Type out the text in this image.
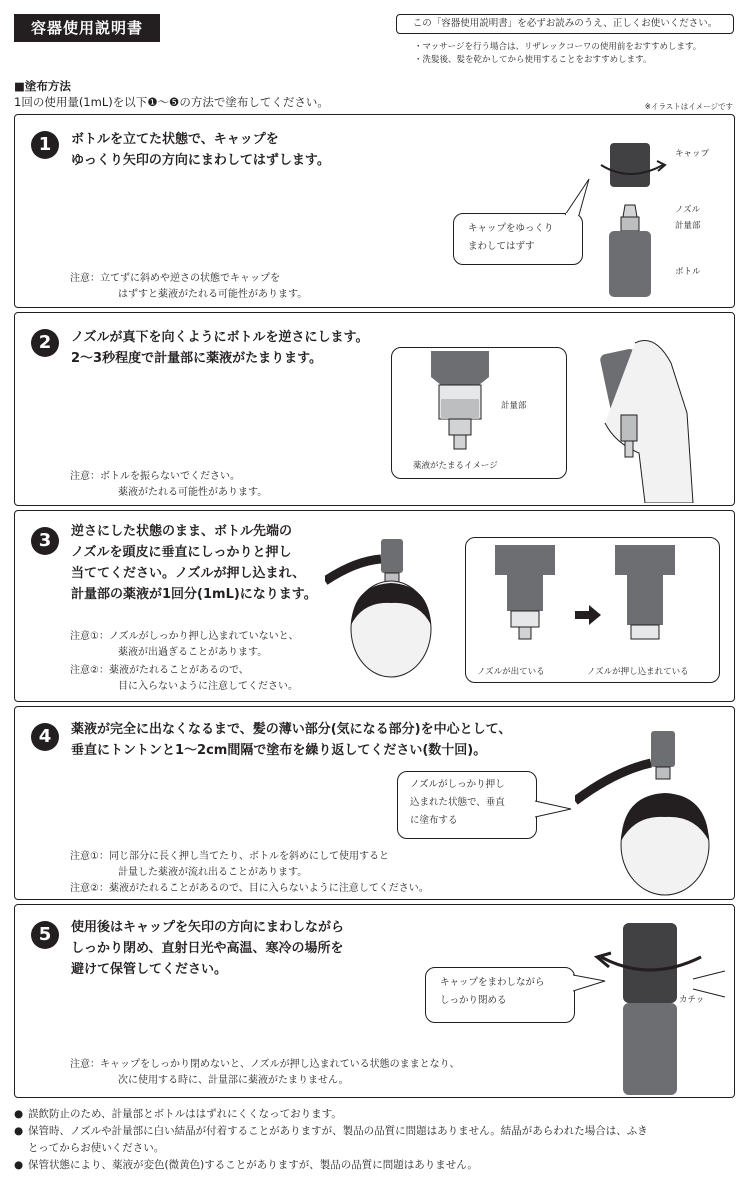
容器使用説明書	この「容器使用説明書」を必ずお読みのうえ、正しくお使いください。
・マッサージを行う場合は、リザレックコーワの使用前をおすすめします。
・洗髪後、髪を乾かしてから使用することをおすすめします。
■塗布方法
1回の使用量(1mL)を以下❶〜❺の方法で塗布してください。	※イラストはイメージです
1	ボトルを立てた状態で、キャップを
ゆっくり矢印の方向にまわしてはずします。
注意：立てずに斜めや逆さの状態でキャップを
はずすと薬液がたれる可能性があります。
キャップをゆっくり
まわしてはずす
キャップ
ノズル
計量部
ボトル
2	ノズルが真下を向くようにボトルを逆さにします。
2〜3秒程度で計量部に薬液がたまります。
注意：ボトルを振らないでください。
薬液がたれる可能性があります。
計量部
薬液がたまるイメージ
3	逆さにした状態のまま、ボトル先端の
ノズルを頭皮に垂直にしっかりと押し
当ててください。ノズルが押し込まれ、
計量部の薬液が1回分(1mL)になります。
注意①：ノズルがしっかり押し込まれていないと、
薬液が出過ぎることがあります。
注意②：薬液がたれることがあるので、
目に入らないように注意してください。
ノズルが出ている	ノズルが押し込まれている
4	薬液が完全に出なくなるまで、髪の薄い部分(気になる部分)を中心として、
垂直にトントンと1〜2cm間隔で塗布を繰り返してください(数十回)。
ノズルがしっかり押し
込まれた状態で、垂直
に塗布する
注意①：同じ部分に長く押し当てたり、ボトルを斜めにして使用すると
計量した薬液が流れ出ることがあります。
注意②：薬液がたれることがあるので、目に入らないように注意してください。
5	使用後はキャップを矢印の方向にまわしながら
しっかり閉め、直射日光や高温、寒冷の場所を
避けて保管してください。
キャップをまわしながら
しっかり閉める	カチッ
注意：キャップをしっかり閉めないと、ノズルが押し込まれている状態のままとなり、
次に使用する時に、計量部に薬液がたまりません。
● 誤飲防止のため、計量部とボトルははずれにくくなっております。
● 保管時、ノズルや計量部に白い結晶が付着することがありますが、製品の品質に問題はありません。結晶があらわれた場合は、ふき
とってからお使いください。
● 保管状態により、薬液が変色(微黄色)することがありますが、製品の品質に問題はありません。
